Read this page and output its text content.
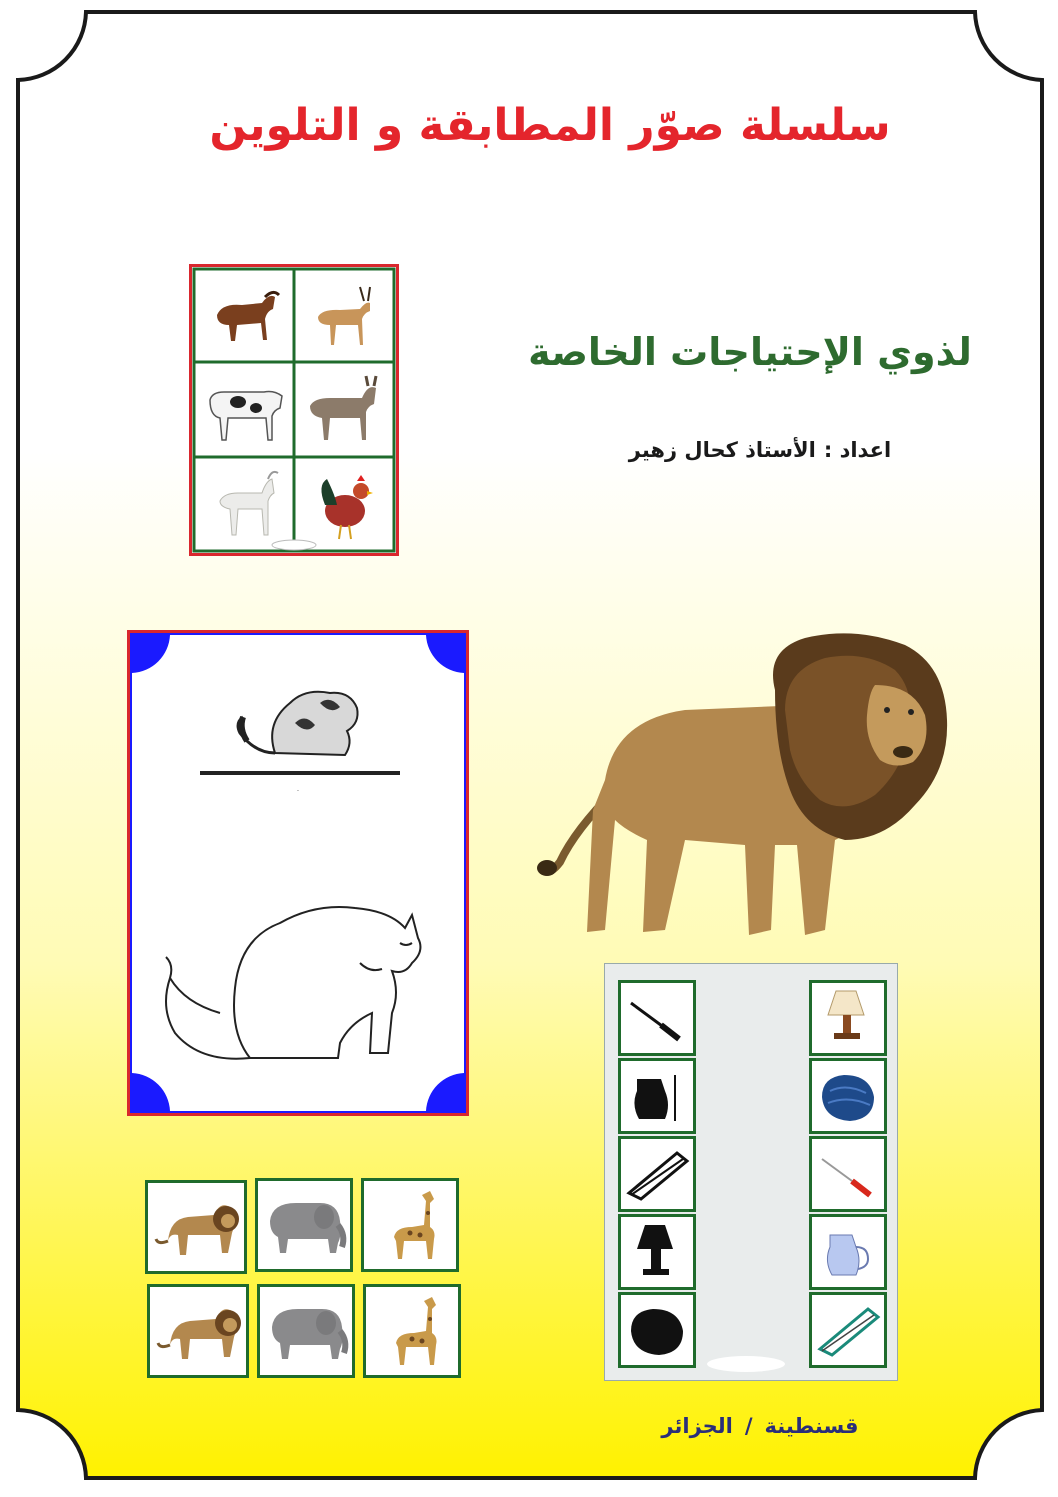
سلسلة صوّر المطابقة و التلوين
لذوي الإحتياجات الخاصة
اعداد :الأستاذ كحال زهير
·
قسنطينة/الجزائر
